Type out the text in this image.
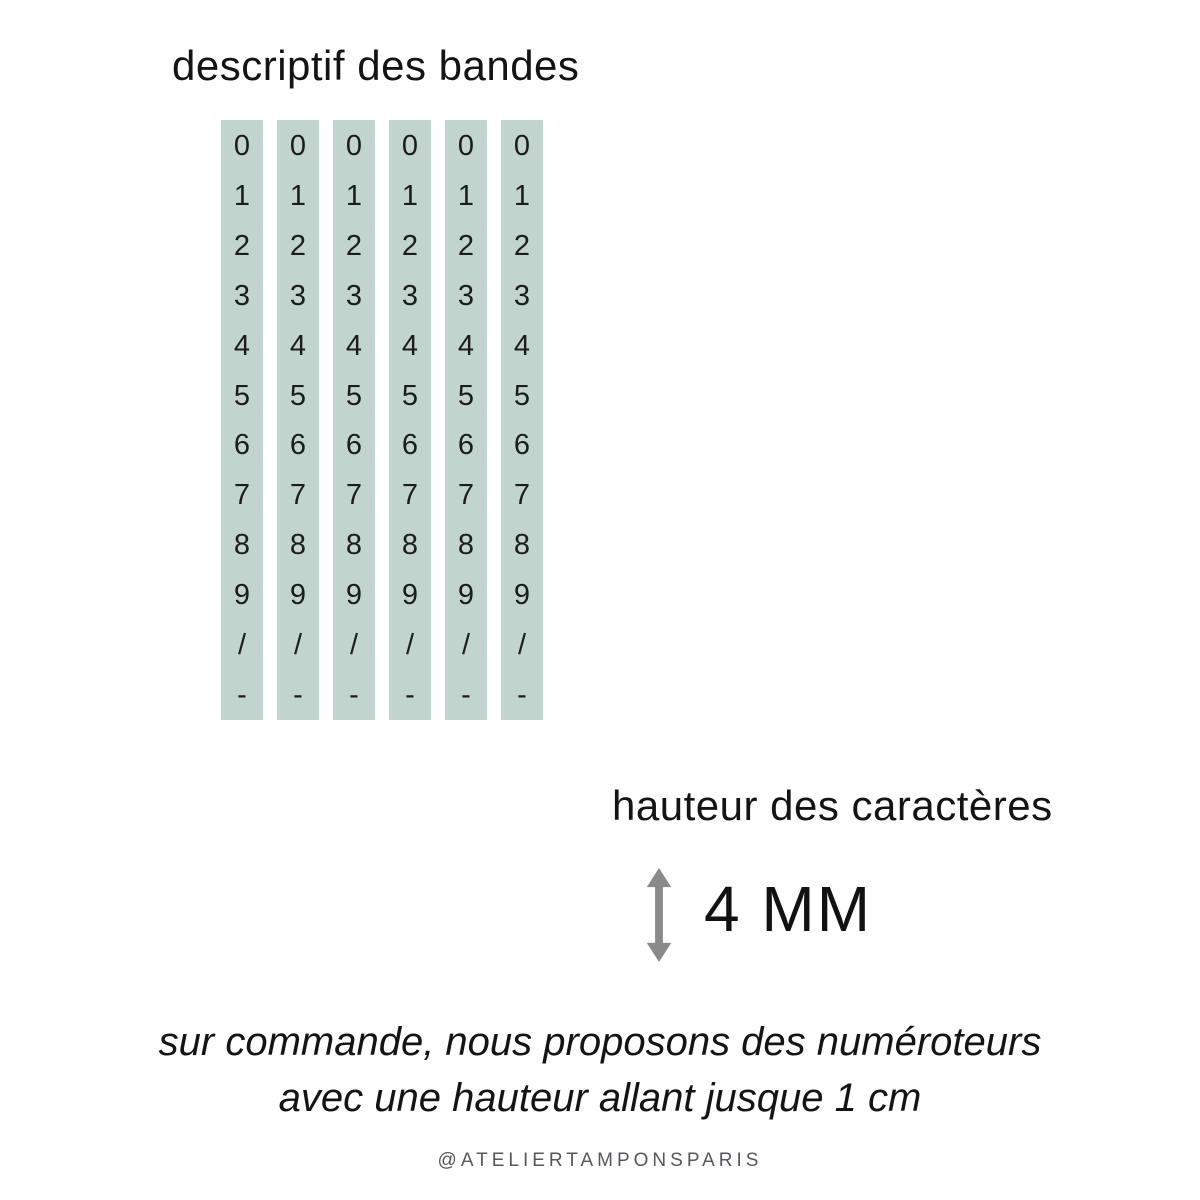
descriptif des bandes
0
1
2
3
4
5
6
7
8
9
/
-
0
1
2
3
4
5
6
7
8
9
/
-
0
1
2
3
4
5
6
7
8
9
/
-
0
1
2
3
4
5
6
7
8
9
/
-
0
1
2
3
4
5
6
7
8
9
/
-
0
1
2
3
4
5
6
7
8
9
/
-
hauteur des caractères
4 MM
sur commande, nous proposons des numéroteurs
avec une hauteur allant jusque 1 cm
@ATELIERTAMPONSPARIS
